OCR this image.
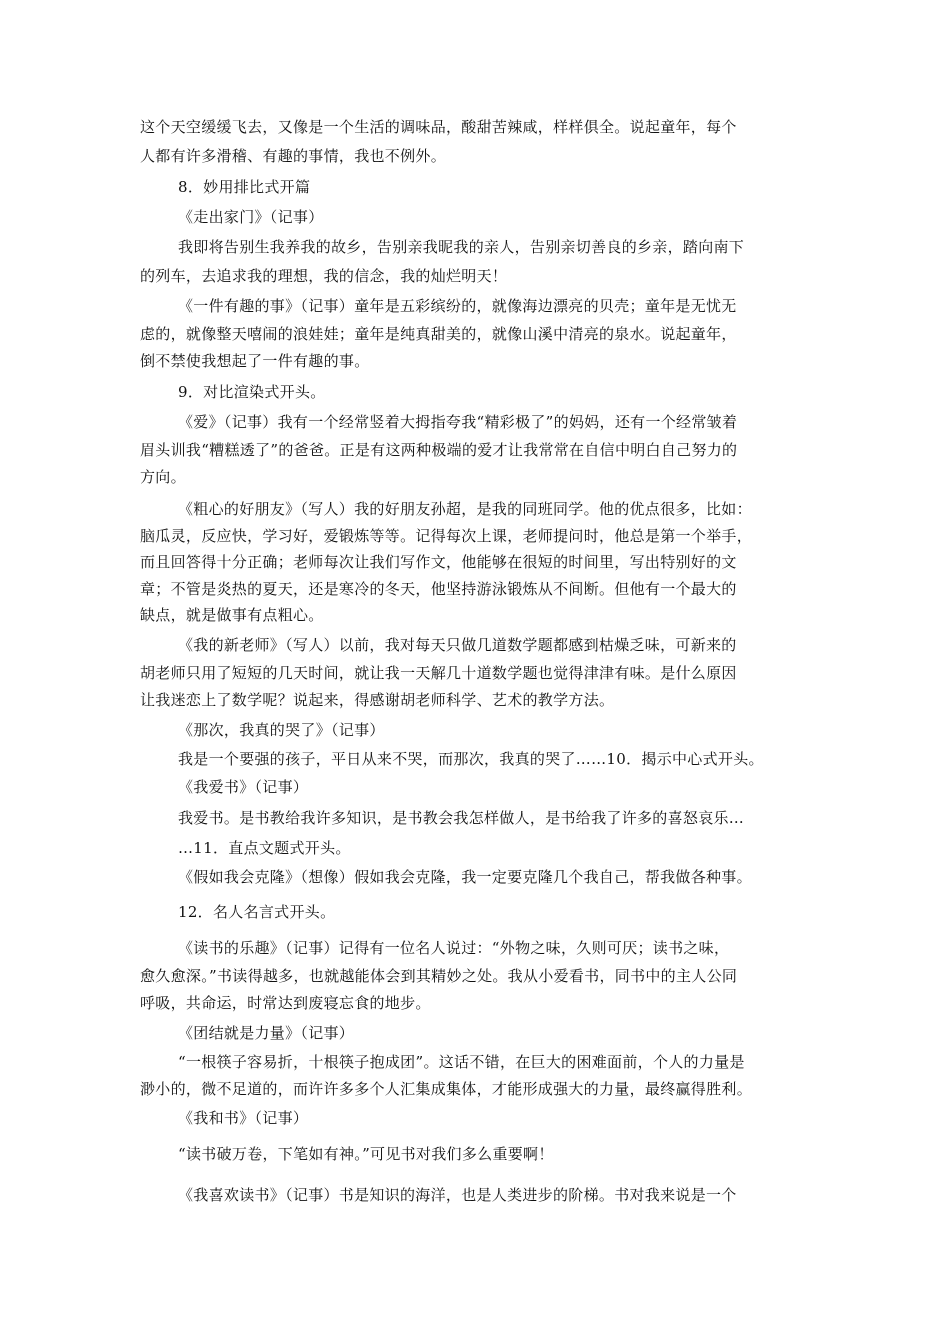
这个天空缓缓飞去，又像是一个生活的调味品，酸甜苦辣咸，样样俱全。说起童年，每个
人都有许多滑稽、有趣的事情，我也不例外。
8．妙用排比式开篇
《走出家门》（记事）
我即将告别生我养我的故乡，告别亲我昵我的亲人，告别亲切善良的乡亲，踏向南下
的列车，去追求我的理想，我的信念，我的灿烂明天！
《一件有趣的事》（记事）童年是五彩缤纷的，就像海边漂亮的贝壳；童年是无忧无
虑的，就像整天嘻闹的浪娃娃；童年是纯真甜美的，就像山溪中清亮的泉水。说起童年，
倒不禁使我想起了一件有趣的事。
9．对比渲染式开头。
《爱》（记事）我有一个经常竖着大拇指夸我“精彩极了”的妈妈，还有一个经常皱着
眉头训我“糟糕透了”的爸爸。正是有这两种极端的爱才让我常常在自信中明白自己努力的
方向。
《粗心的好朋友》（写人）我的好朋友孙超，是我的同班同学。他的优点很多，比如：
脑瓜灵，反应快，学习好，爱锻炼等等。记得每次上课，老师提问时，他总是第一个举手，
而且回答得十分正确；老师每次让我们写作文，他能够在很短的时间里，写出特别好的文
章；不管是炎热的夏天，还是寒冷的冬天，他坚持游泳锻炼从不间断。但他有一个最大的
缺点，就是做事有点粗心。
《我的新老师》（写人）以前，我对每天只做几道数学题都感到枯燥乏味，可新来的
胡老师只用了短短的几天时间，就让我一天解几十道数学题也觉得津津有味。是什么原因
让我迷恋上了数学呢？说起来，得感谢胡老师科学、艺术的教学方法。
《那次，我真的哭了》（记事）
我是一个要强的孩子，平日从来不哭，而那次，我真的哭了……10．揭示中心式开头。
《我爱书》（记事）
我爱书。是书教给我许多知识，是书教会我怎样做人，是书给我了许多的喜怒哀乐…
…11．直点文题式开头。
《假如我会克隆》（想像）假如我会克隆，我一定要克隆几个我自己，帮我做各种事。
12．名人名言式开头。
《读书的乐趣》（记事）记得有一位名人说过：“外物之味，久则可厌；读书之味，
愈久愈深。”书读得越多，也就越能体会到其精妙之处。我从小爱看书，同书中的主人公同
呼吸，共命运，时常达到废寝忘食的地步。
《团结就是力量》（记事）
“一根筷子容易折，十根筷子抱成团”。这话不错，在巨大的困难面前，个人的力量是
渺小的，微不足道的，而许许多多个人汇集成集体，才能形成强大的力量，最终赢得胜利。
《我和书》（记事）
“读书破万卷，下笔如有神。”可见书对我们多么重要啊！
《我喜欢读书》（记事）书是知识的海洋，也是人类进步的阶梯。书对我来说是一个
